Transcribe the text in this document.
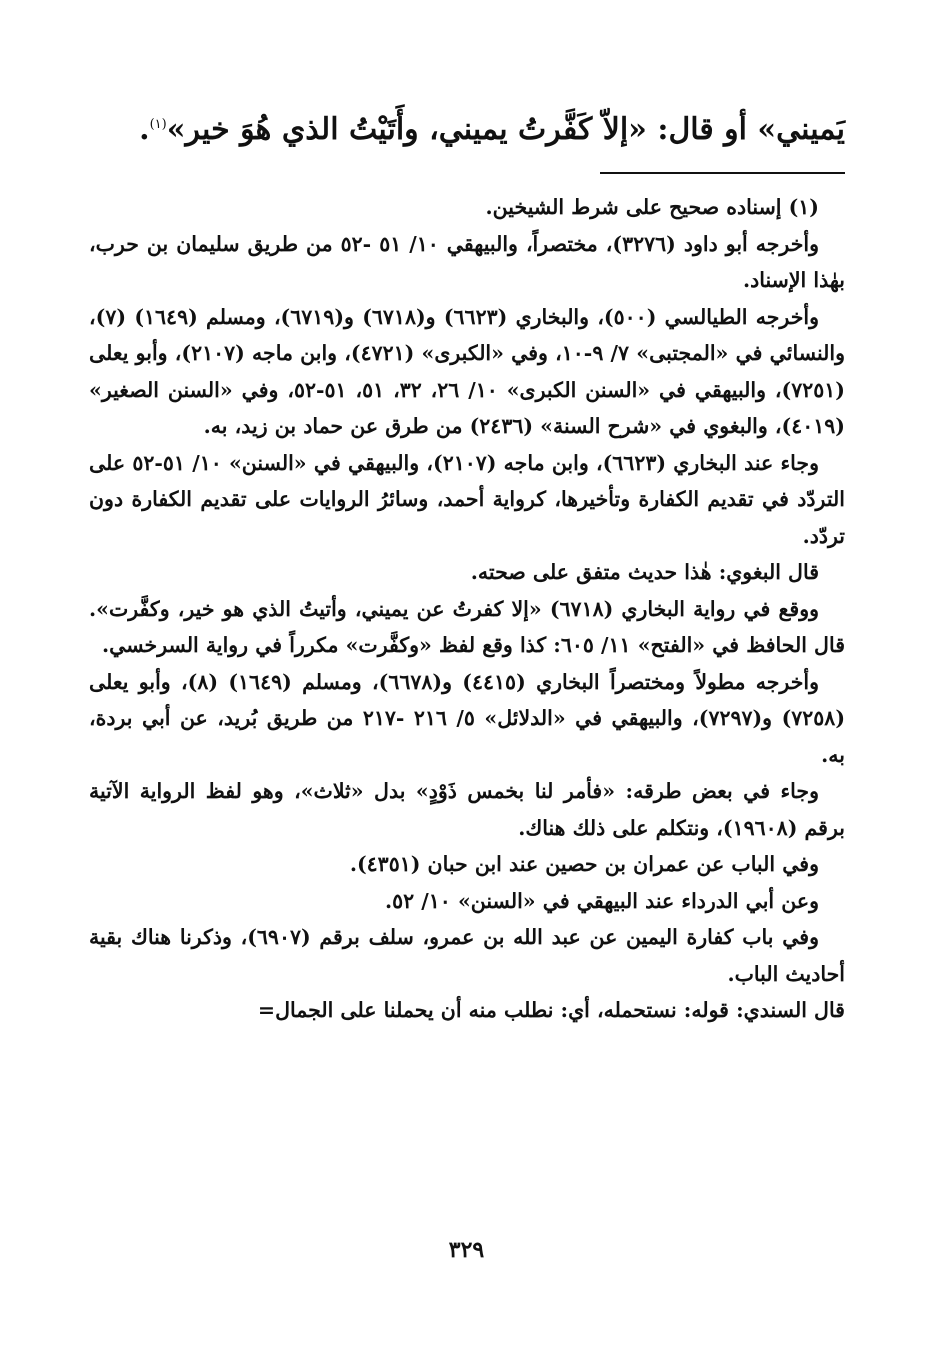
يَميني» أو قال: «إلاّ كَفَّرتُ يميني، وأَتَيْتُ الذي هُوَ خير»$^{(١)}$.

(١) إسناده صحيح على شرط الشيخين.

وأخرجه أبو داود (٣٢٧٦)، مختصراً، والبيهقي ١٠/ ٥١ -٥٢ من طريق سليمان بن حرب، بهٰذا الإسناد.

وأخرجه الطيالسي (٥٠٠)، والبخاري (٦٦٢٣) و(٦٧١٨) و(٦٧١٩)، ومسلم (١٦٤٩) (٧)، والنسائي في «المجتبى» ٧/ ٩-١٠، وفي «الكبرى» (٤٧٢١)، وابن ماجه (٢١٠٧)، وأبو يعلى (٧٢٥١)، والبيهقي في «السنن الكبرى» ١٠/ ٢٦، ٣٢، ٥١، ٥١-٥٢، وفي «السنن الصغير» (٤٠١٩)، والبغوي في «شرح السنة» (٢٤٣٦) من طرق عن حماد بن زيد، به.

وجاء عند البخاري (٦٦٢٣)، وابن ماجه (٢١٠٧)، والبيهقي في «السنن» ١٠/ ٥١-٥٢ على التردّد في تقديم الكفارة وتأخيرها، كرواية أحمد، وسائرُ الروايات على تقديم الكفارة دون تردّد.

قال البغوي: هٰذا حديث متفق على صحته.

ووقع في رواية البخاري (٦٧١٨) «إلا كفرتُ عن يميني، وأتيتُ الذي هو خير، وكفَّرت». قال الحافظ في «الفتح» ١١/ ٦٠٥: كذا وقع لفظ «وكفَّرت» مكرراً في رواية السرخسي.

وأخرجه مطولاً ومختصراً البخاري (٤٤١٥) و(٦٦٧٨)، ومسلم (١٦٤٩) (٨)، وأبو يعلى (٧٢٥٨) و(٧٢٩٧)، والبيهقي في «الدلائل» ٥/ ٢١٦ -٢١٧ من طريق بُريد، عن أبي بردة، به.

وجاء في بعض طرقه: «فأمر لنا بخمس ذَوْدٍ» بدل «ثلاث»، وهو لفظ الرواية الآتية برقم (١٩٦٠٨)، ونتكلم على ذلك هناك.

وفي الباب عن عمران بن حصين عند ابن حبان (٤٣٥١).

وعن أبي الدرداء عند البيهقي في «السنن» ١٠/ ٥٢.

وفي باب كفارة اليمين عن عبد الله بن عمرو، سلف برقم (٦٩٠٧)، وذكرنا هناك بقية أحاديث الباب.

قال السندي: قوله: نستحمله، أي: نطلب منه أن يحملنا على الجمال=

٣٢٩
